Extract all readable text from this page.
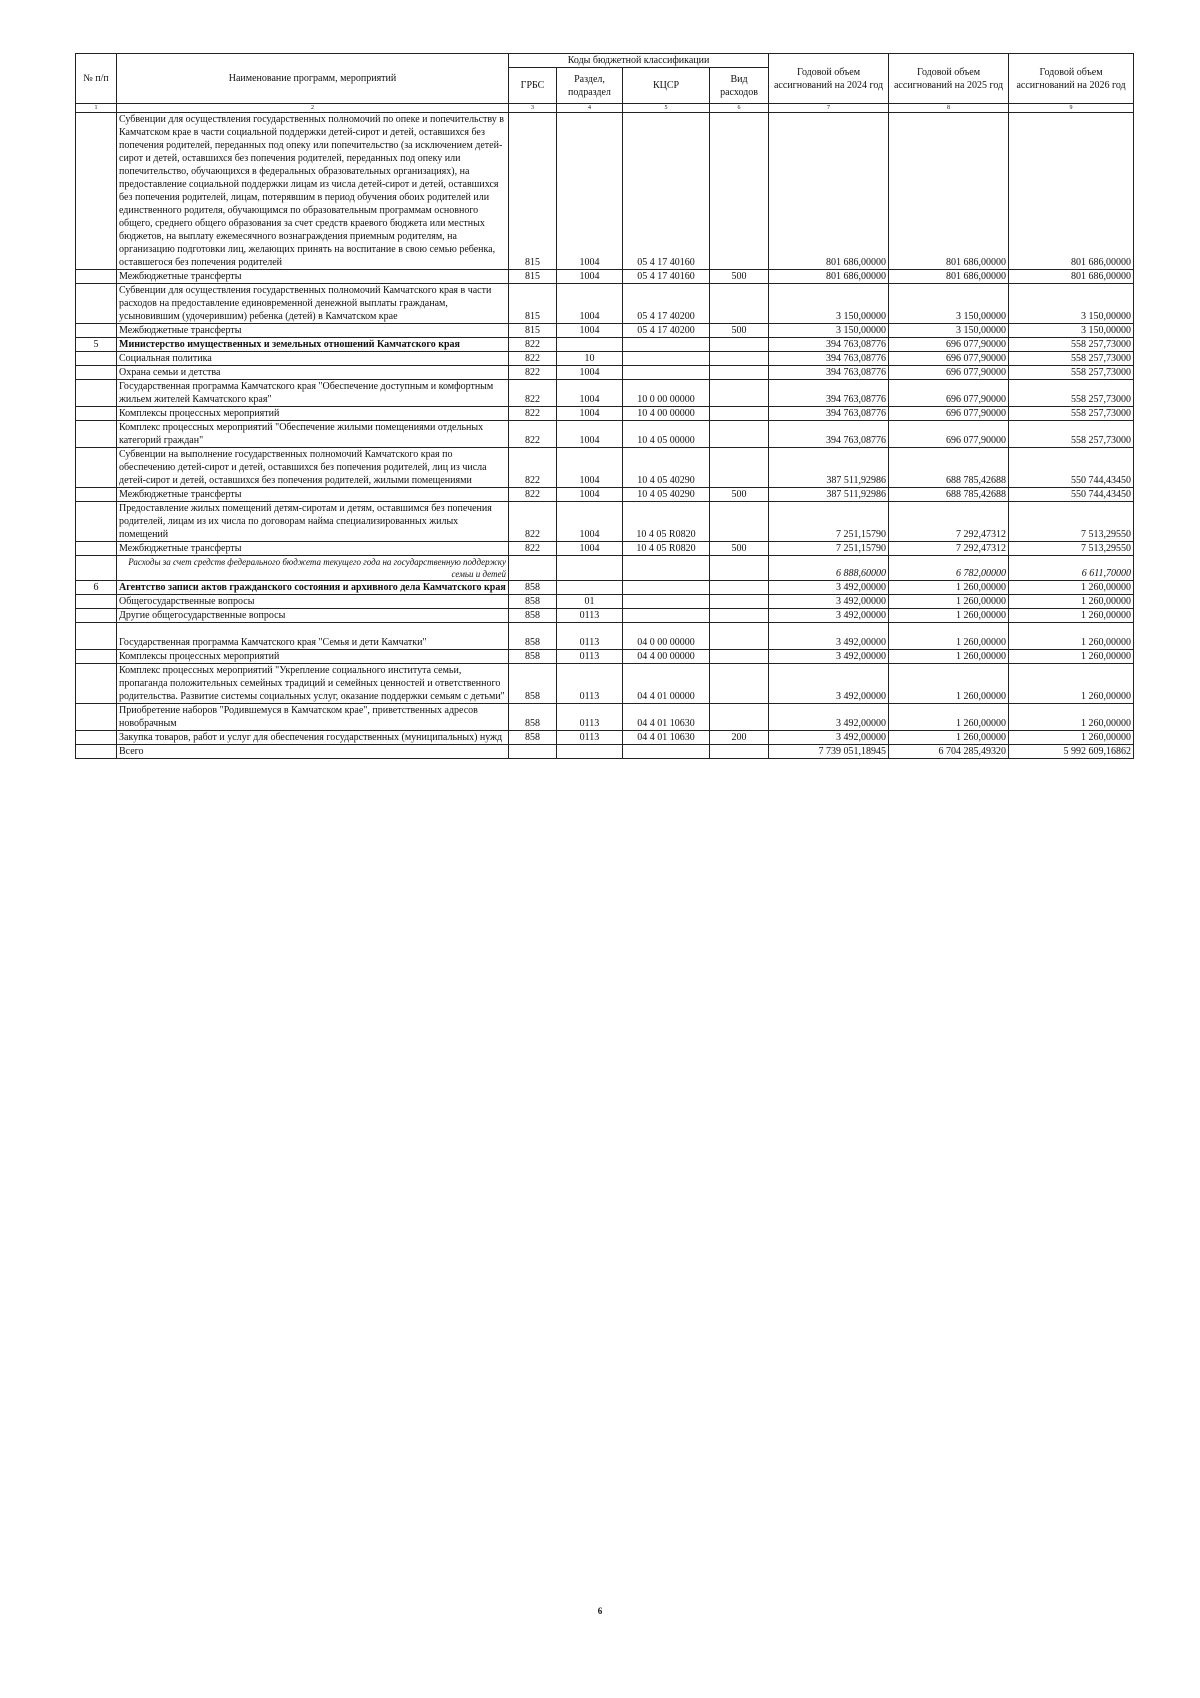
№ п/п	Наименование программ, мероприятий	Коды бюджетной классификации				Годовой объем ассигнований на 2024 год	Годовой объем ассигнований на 2025 год	Годовой объем ассигнований на 2026 год
		ГРБС	Раздел, подраздел	КЦСР	Вид расходов			
1	2	3	4	5	6	7	8	9
	Субвенции для осуществления государственных полномочий по опеке и попечительству в Камчатском крае в части социальной поддержки детей-сирот и детей, оставшихся без попечения родителей, переданных под опеку или попечительство (за исключением детей-сирот и детей, оставшихся без попечения родителей, переданных под опеку или попечительство, обучающихся в федеральных образовательных организациях), на предоставление социальной поддержки лицам из числа детей-сирот и детей, оставшихся без попечения родителей, лицам, потерявшим в период обучения обоих родителей или единственного родителя, обучающимся по образовательным программам основного общего, среднего общего образования за счет средств краевого бюджета или местных бюджетов, на выплату ежемесячного вознаграждения приемным родителям, на организацию подготовки лиц, желающих принять на воспитание в свою семью ребенка, оставшегося без попечения родителей	815	1004	05 4 17 40160		801 686,00000	801 686,00000	801 686,00000
	Межбюджетные трансферты	815	1004	05 4 17 40160	500	801 686,00000	801 686,00000	801 686,00000
	Субвенции для осуществления государственных полномочий Камчатского края в части расходов на предоставление единовременной денежной выплаты гражданам, усыновившим (удочерившим) ребенка (детей) в Камчатском крае	815	1004	05 4 17 40200		3 150,00000	3 150,00000	3 150,00000
	Межбюджетные трансферты	815	1004	05 4 17 40200	500	3 150,00000	3 150,00000	3 150,00000
5	Министерство имущественных и земельных отношений Камчатского края	822				394 763,08776	696 077,90000	558 257,73000
	Социальная политика	822	10			394 763,08776	696 077,90000	558 257,73000
	Охрана семьи и детства	822	1004			394 763,08776	696 077,90000	558 257,73000
	Государственная программа Камчатского края "Обеспечение доступным и комфортным жильем жителей Камчатского края"	822	1004	10 0 00 00000		394 763,08776	696 077,90000	558 257,73000
	Комплексы процессных мероприятий	822	1004	10 4 00 00000		394 763,08776	696 077,90000	558 257,73000
	Комплекс процессных мероприятий "Обеспечение жилыми помещениями отдельных категорий граждан"	822	1004	10 4 05 00000		394 763,08776	696 077,90000	558 257,73000
	Субвенции на выполнение государственных полномочий Камчатского края по обеспечению детей-сирот и детей, оставшихся без попечения родителей, лиц из числа детей-сирот и детей, оставшихся без попечения родителей, жилыми помещениями	822	1004	10 4 05 40290		387 511,92986	688 785,42688	550 744,43450
	Межбюджетные трансферты	822	1004	10 4 05 40290	500	387 511,92986	688 785,42688	550 744,43450
	Предоставление жилых помещений детям-сиротам и детям, оставшимся без попечения родителей, лицам из их числа по договорам найма специализированных жилых помещений	822	1004	10 4 05 R0820		7 251,15790	7 292,47312	7 513,29550
	Межбюджетные трансферты	822	1004	10 4 05 R0820	500	7 251,15790	7 292,47312	7 513,29550
	Расходы за счет средств федерального бюджета текущего года на государственную поддержку семьи и детей					6 888,60000	6 782,00000	6 611,70000
6	Агентство записи актов гражданского состояния и архивного дела Камчатского края	858				3 492,00000	1 260,00000	1 260,00000
	Общегосударственные вопросы	858	01			3 492,00000	1 260,00000	1 260,00000
	Другие общегосударственные вопросы	858	0113			3 492,00000	1 260,00000	1 260,00000
	Государственная программа Камчатского края "Семья и дети Камчатки"	858	0113	04 0 00 00000		3 492,00000	1 260,00000	1 260,00000
	Комплексы процессных мероприятий	858	0113	04 4 00 00000		3 492,00000	1 260,00000	1 260,00000
	Комплекс процессных мероприятий "Укрепление социального института семьи, пропаганда положительных семейных традиций и семейных ценностей и ответственного родительства. Развитие системы социальных услуг, оказание поддержки семьям с детьми"	858	0113	04 4 01 00000		3 492,00000	1 260,00000	1 260,00000
	Приобретение наборов "Родившемуся в Камчатском крае", приветственных адресов новобрачным	858	0113	04 4 01 10630		3 492,00000	1 260,00000	1 260,00000
	Закупка товаров, работ и услуг для обеспечения государственных (муниципальных) нужд	858	0113	04 4 01 10630	200	3 492,00000	1 260,00000	1 260,00000
	Всего					7 739 051,18945	6 704 285,49320	5 992 609,16862
6
